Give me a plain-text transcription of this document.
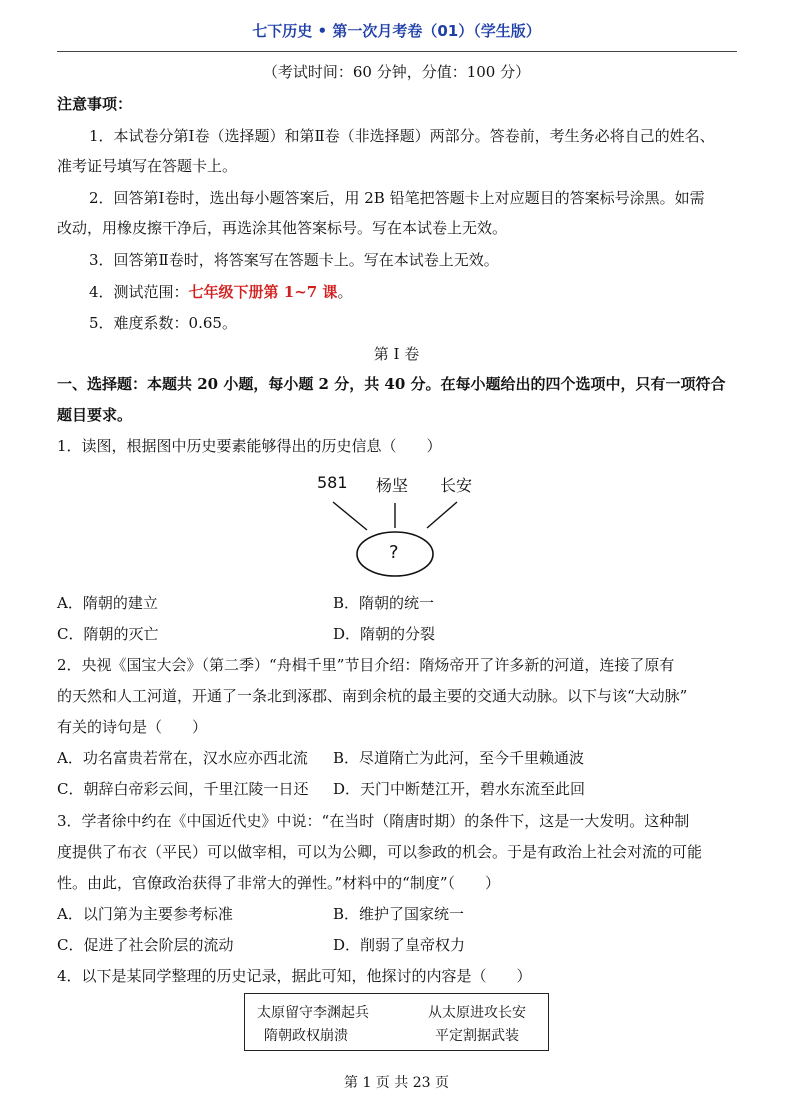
七下历史 • 第一次月考卷（01）（学生版）
（考试时间：60 分钟，分值：100 分）
注意事项：
1．本试卷分第Ⅰ卷（选择题）和第Ⅱ卷（非选择题）两部分。答卷前，考生务必将自己的姓名、
准考证号填写在答题卡上。
2．回答第Ⅰ卷时，选出每小题答案后，用 2B 铅笔把答题卡上对应题目的答案标号涂黑。如需
改动，用橡皮擦干净后，再选涂其他答案标号。写在本试卷上无效。
3．回答第Ⅱ卷时，将答案写在答题卡上。写在本试卷上无效。
4．测试范围：七年级下册第 1~7 课。
5．难度系数：0.65。
第 Ⅰ 卷
一、选择题：本题共 20 小题，每小题 2 分，共 40 分。在每小题给出的四个选项中，只有一项符合
题目要求。
1．读图，根据图中历史要素能够得出的历史信息（　　）
581 杨坚 长安
?
A．隋朝的建立	B．隋朝的统一
C．隋朝的灭亡	D．隋朝的分裂
2．央视《国宝大会》（第二季）“舟楫千里”节目介绍：隋炀帝开了许多新的河道，连接了原有
的天然和人工河道，开通了一条北到涿郡、南到余杭的最主要的交通大动脉。以下与该“大动脉”
有关的诗句是（　　）
A．功名富贵若常在，汉水应亦西北流 B．尽道隋亡为此河，至今千里赖通波
C．朝辞白帝彩云间，千里江陵一日还 D．天门中断楚江开，碧水东流至此回
3．学者徐中约在《中国近代史》中说：“在当时（隋唐时期）的条件下，这是一大发明。这种制
度提供了布衣（平民）可以做宰相，可以为公卿，可以参政的机会。于是有政治上社会对流的可能
性。由此，官僚政治获得了非常大的弹性。”材料中的“制度”（　　）
A．以门第为主要参考标准	B．维护了国家统一
C．促进了社会阶层的流动	D．削弱了皇帝权力
4．以下是某同学整理的历史记录，据此可知，他探讨的内容是（　　）
太原留守李渊起兵	从太原进攻长安
隋朝政权崩溃	平定割据武装
第 1 页 共 23 页
